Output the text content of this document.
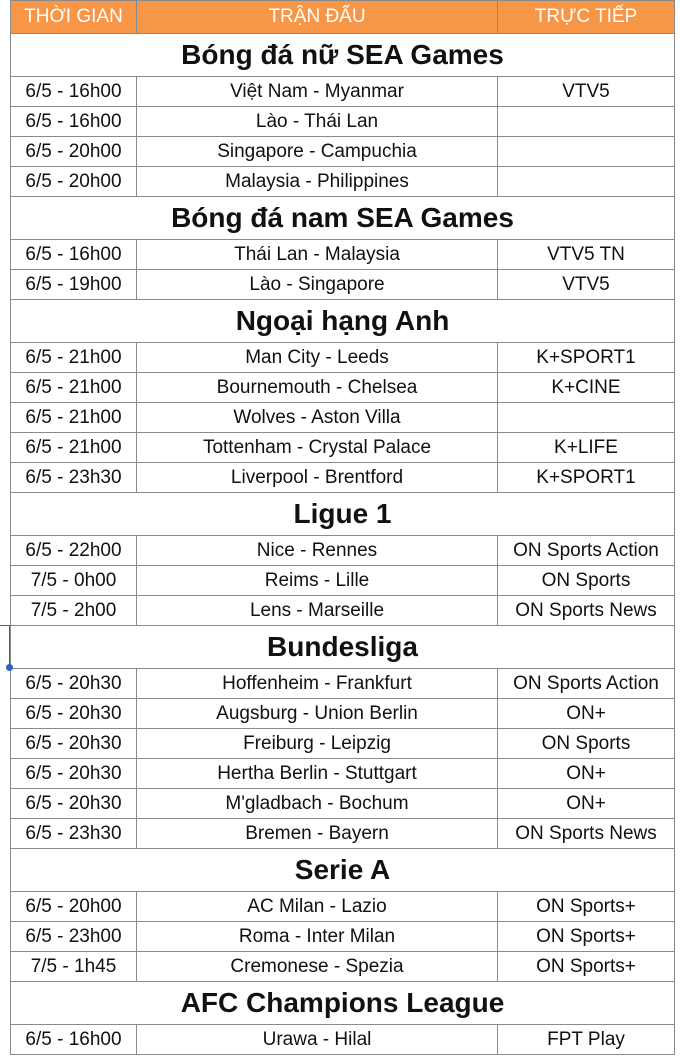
THỜI GIAN	TRẬN ĐẤU	TRỰC TIẾP
Bóng đá nữ SEA Games		
6/5 - 16h00	Việt Nam - Myanmar	VTV5
6/5 - 16h00	Lào - Thái Lan	
6/5 - 20h00	Singapore - Campuchia	
6/5 - 20h00	Malaysia - Philippines	
Bóng đá nam SEA Games		
6/5 - 16h00	Thái Lan - Malaysia	VTV5 TN
6/5 - 19h00	Lào - Singapore	VTV5
Ngoại hạng Anh		
6/5 - 21h00	Man City - Leeds	K+SPORT1
6/5 - 21h00	Bournemouth - Chelsea	K+CINE
6/5 - 21h00	Wolves - Aston Villa	
6/5 - 21h00	Tottenham - Crystal Palace	K+LIFE
6/5 - 23h30	Liverpool - Brentford	K+SPORT1
Ligue 1		
6/5 - 22h00	Nice - Rennes	ON Sports Action
7/5 - 0h00	Reims - Lille	ON Sports
7/5 - 2h00	Lens - Marseille	ON Sports News
Bundesliga		
6/5 - 20h30	Hoffenheim - Frankfurt	ON Sports Action
6/5 - 20h30	Augsburg - Union Berlin	ON+
6/5 - 20h30	Freiburg - Leipzig	ON Sports
6/5 - 20h30	Hertha Berlin - Stuttgart	ON+
6/5 - 20h30	M'gladbach - Bochum	ON+
6/5 - 23h30	Bremen - Bayern	ON Sports News
Serie A		
6/5 - 20h00	AC Milan - Lazio	ON Sports+
6/5 - 23h00	Roma - Inter Milan	ON Sports+
7/5 - 1h45	Cremonese - Spezia	ON Sports+
AFC Champions League		
6/5 - 16h00	Urawa - Hilal	FPT Play
